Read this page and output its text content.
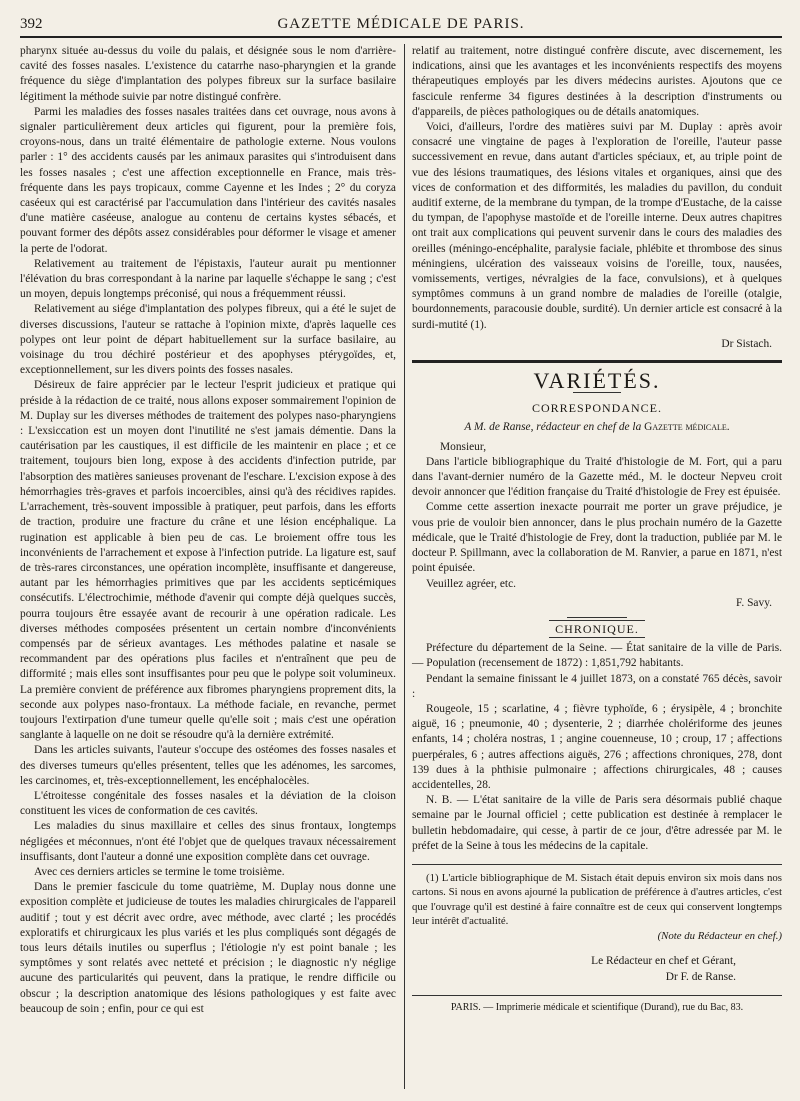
392	GAZETTE MÉDICALE DE PARIS.

pharynx située au-dessus du voile du palais, et désignée sous le nom d'arrière-cavité des fosses nasales. L'existence du catarrhe naso-pharyngien et la grande fréquence du siège d'implantation des polypes fibreux sur la surface basilaire légitiment la méthode suivie par notre distingué confrère.

Parmi les maladies des fosses nasales traitées dans cet ouvrage, nous avons à signaler particulièrement deux articles qui figurent, pour la première fois, croyons-nous, dans un traité élémentaire de pathologie externe. Nous voulons parler : 1° des accidents causés par les animaux parasites qui s'introduisent dans les fosses nasales ; c'est une affection exceptionnelle en France, mais très-fréquente dans les pays tropicaux, comme Cayenne et les Indes ; 2° du coryza caséeux qui est caractérisé par l'accumulation dans l'intérieur des cavités nasales d'une matière caséeuse, analogue au contenu de certains kystes sébacés, et pouvant former des dépôts assez considérables pour déformer le visage et amener la perte de l'odorat.

Relativement au traitement de l'épistaxis, l'auteur aurait pu mentionner l'élévation du bras correspondant à la narine par laquelle s'échappe le sang ; c'est un moyen, depuis longtemps préconisé, qui nous a fréquemment réussi.

Relativement au siége d'implantation des polypes fibreux, qui a été le sujet de diverses discussions, l'auteur se rattache à l'opinion mixte, d'après laquelle ces polypes ont leur point de départ habituellement sur la surface basilaire, au voisinage du trou déchiré postérieur et des apophyses ptérygoïdes, et, exceptionnellement, sur les divers points des fosses nasales.

Désireux de faire apprécier par le lecteur l'esprit judicieux et pratique qui préside à la rédaction de ce traité, nous allons exposer sommairement l'opinion de M. Duplay sur les diverses méthodes de traitement des polypes naso-pharyngiens : L'exsiccation est un moyen dont l'inutilité ne s'est jamais démentie. Dans la cautérisation par les caustiques, il est difficile de les maintenir en place ; et ce traitement, toujours bien long, expose à des accidents d'infection putride, par l'absorption des matières sanieuses provenant de l'eschare. L'excision expose à des hémorrhagies très-graves et parfois incoercibles, ainsi qu'à des récidives rapides. L'arrachement, très-souvent impossible à pratiquer, peut parfois, dans les efforts de traction, produire une fracture du crâne et une lésion encéphalique. La rugination est applicable à bien peu de cas. Le broiement offre tous les inconvénients de l'arrachement et expose à l'infection putride. La ligature est, sauf de très-rares circonstances, une opération incomplète, insuffisante et dangereuse, autant par les hémorrhagies primitives que par les accidents septicémiques consécutifs. L'électrochimie, méthode d'avenir qui compte déjà quelques succès, pourra toujours être essayée avant de recourir à une opération radicale. Les diverses méthodes composées présentent un certain nombre d'inconvénients compensés par de sérieux avantages. Les méthodes palatine et nasale se recommandent par des opérations plus faciles et n'entraînent que peu de difformité ; mais elles sont insuffisantes pour peu que le polype soit volumineux. La première convient de préférence aux fibromes pharyngiens proprement dits, la seconde aux polypes naso-frontaux. La méthode faciale, en revanche, permet toujours l'extirpation d'une tumeur quelle qu'elle soit ; mais c'est une opération sanglante à laquelle on ne doit se résoudre qu'à la dernière extrémité.

Dans les articles suivants, l'auteur s'occupe des ostéomes des fosses nasales et des diverses tumeurs qu'elles présentent, telles que les adénomes, les sarcomes, les carcinomes, et, très-exceptionnellement, les encéphalocèles.

L'étroitesse congénitale des fosses nasales et la déviation de la cloison constituent les vices de conformation de ces cavités.

Les maladies du sinus maxillaire et celles des sinus frontaux, longtemps négligées et méconnues, n'ont été l'objet que de quelques travaux nécessairement insuffisants, dont l'auteur a donné une exposition complète dans cet ouvrage.

Avec ces derniers articles se termine le tome troisième.

Dans le premier fascicule du tome quatrième, M. Duplay nous donne une exposition complète et judicieuse de toutes les maladies chirurgicales de l'appareil auditif ; tout y est décrit avec ordre, avec méthode, avec clarté ; les procédés exploratifs et chirurgicaux les plus variés et les plus compliqués sont dégagés de tous leurs détails inutiles ou superflus ; l'étiologie n'y est point banale ; les symptômes y sont relatés avec netteté et précision ; le diagnostic n'y néglige aucune des particularités qui peuvent, dans la pratique, le rendre difficile ou obscur ; la description anatomique des lésions pathologiques y est faite avec beaucoup de soin ; enfin, pour ce qui est

relatif au traitement, notre distingué confrère discute, avec discernement, les indications, ainsi que les avantages et les inconvénients respectifs des moyens thérapeutiques employés par les divers médecins auristes. Ajoutons que ce fascicule renferme 34 figures destinées à la description d'instruments ou d'appareils, de pièces pathologiques ou de détails anatomiques.

Voici, d'ailleurs, l'ordre des matières suivi par M. Duplay : après avoir consacré une vingtaine de pages à l'exploration de l'oreille, l'auteur passe successivement en revue, dans autant d'articles spéciaux, et, au triple point de vue des lésions traumatiques, des lésions vitales et organiques, ainsi que des vices de conformation et des difformités, les maladies du pavillon, du conduit auditif externe, de la membrane du tympan, de la trompe d'Eustache, de la caisse du tympan, de l'apophyse mastoïde et de l'oreille interne. Deux autres chapitres ont trait aux complications qui peuvent survenir dans le cours des maladies des oreilles (méningo-encéphalite, paralysie faciale, phlébite et thrombose des sinus méningiens, ulcération des vaisseaux voisins de l'oreille, toux, nausées, vomissements, vertiges, névralgies de la face, convulsions), et à quelques symptômes communs à un grand nombre de maladies de l'oreille (otalgie, bourdonnements, paracousie double, surdité). Un dernier article est consacré à la surdi-mutité (1).

Dr Sistach.
VARIÉTÉS.
CORRESPONDANCE.
A M. de Ranse, rédacteur en chef de la Gazette médicale.

Monsieur,

Dans l'article bibliographique du Traité d'histologie de M. Fort, qui a paru dans l'avant-dernier numéro de la Gazette méd., M. le docteur Nepveu croit devoir annoncer que l'édition française du Traité d'histologie de Frey est épuisée.

Comme cette assertion inexacte pourrait me porter un grave préjudice, je vous prie de vouloir bien annoncer, dans le plus prochain numéro de la Gazette médicale, que le Traité d'histologie de Frey, dont la traduction, publiée par M. le docteur P. Spillmann, avec la collaboration de M. Ranvier, a parue en 1871, n'est point épuisée.

Veuillez agréer, etc.

F. Savy.
CHRONIQUE.

Préfecture du département de la Seine. — État sanitaire de la ville de Paris. — Population (recensement de 1872) : 1,851,792 habitants.

Pendant la semaine finissant le 4 juillet 1873, on a constaté 765 décès, savoir :

Rougeole, 15 ; scarlatine, 4 ; fièvre typhoïde, 6 ; érysipèle, 4 ; bronchite aiguë, 16 ; pneumonie, 40 ; dysenterie, 2 ; diarrhée cholériforme des jeunes enfants, 14 ; choléra nostras, 1 ; angine couenneuse, 10 ; croup, 17 ; affections puerpérales, 6 ; autres affections aiguës, 276 ; affections chroniques, 278, dont 139 dues à la phthisie pulmonaire ; affections chirurgicales, 48 ; causes accidentelles, 28.

N. B. — L'état sanitaire de la ville de Paris sera désormais publié chaque semaine par le Journal officiel ; cette publication est destinée à remplacer le bulletin hebdomadaire, qui cesse, à partir de ce jour, d'être adressée par M. le préfet de la Seine à tous les médecins de la capitale.

(1) L'article bibliographique de M. Sistach était depuis environ six mois dans nos cartons. Si nous en avons ajourné la publication de préférence à d'autres articles, c'est que l'ouvrage qu'il est destiné à faire connaître est de ceux qui conservent longtemps leur intérêt d'actualité.

(Note du Rédacteur en chef.)
Le Rédacteur en chef et Gérant,
Dr F. de Ranse.
PARIS. — Imprimerie médicale et scientifique (Durand), rue du Bac, 83.
